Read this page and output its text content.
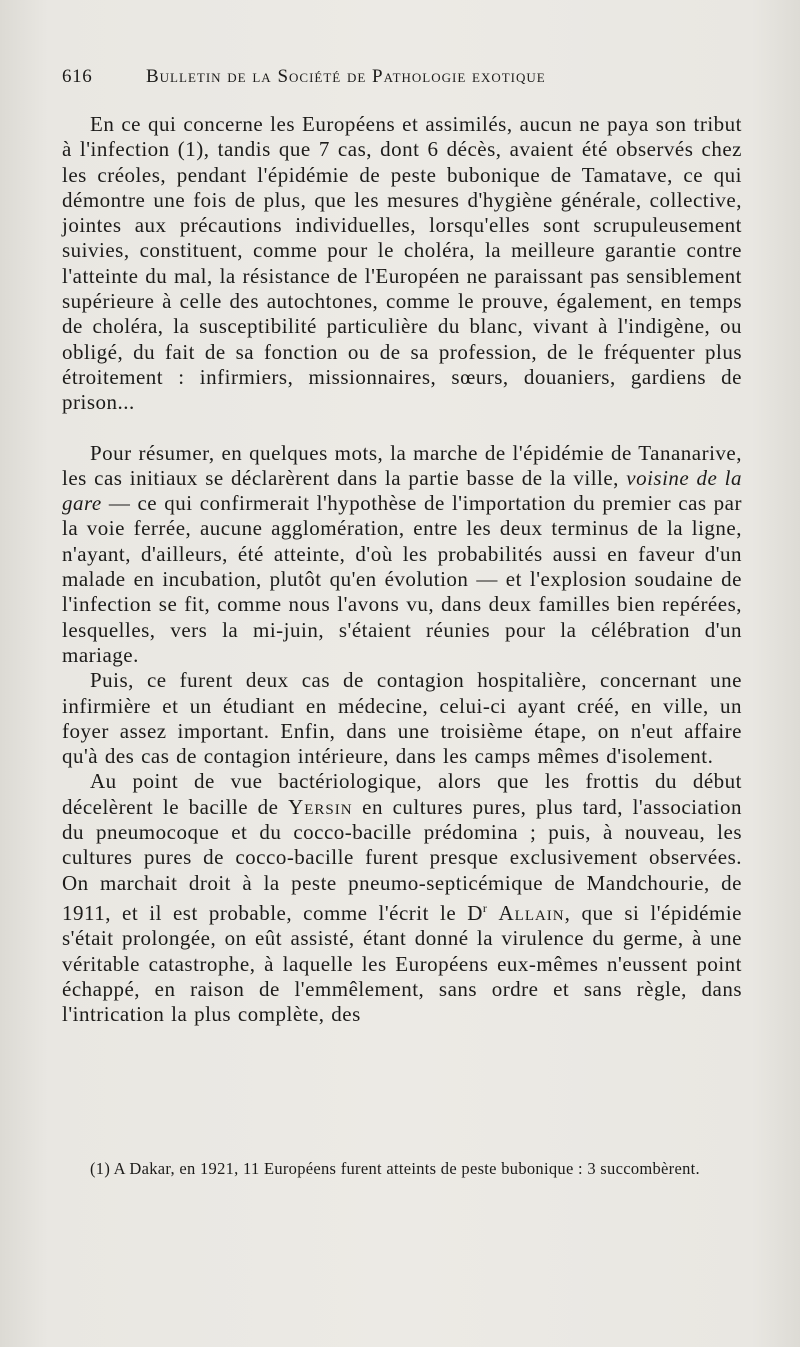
616	Bulletin de la Société de Pathologie exotique

En ce qui concerne les Européens et assimilés, aucun ne paya son tribut à l'infection (1), tandis que 7 cas, dont 6 décès, avaient été observés chez les créoles, pendant l'épidémie de peste bubonique de Tamatave, ce qui démontre une fois de plus, que les mesures d'hygiène générale, collective, jointes aux précautions individuelles, lorsqu'elles sont scrupuleusement suivies, constituent, comme pour le choléra, la meilleure garantie contre l'atteinte du mal, la résistance de l'Européen ne paraissant pas sensiblement supérieure à celle des autochtones, comme le prouve, également, en temps de choléra, la susceptibilité particulière du blanc, vivant à l'indigène, ou obligé, du fait de sa fonction ou de sa profession, de le fréquenter plus étroitement : infirmiers, missionnaires, sœurs, douaniers, gardiens de prison...

Pour résumer, en quelques mots, la marche de l'épidémie de Tananarive, les cas initiaux se déclarèrent dans la partie basse de la ville, voisine de la gare — ce qui confirmerait l'hypothèse de l'importation du premier cas par la voie ferrée, aucune agglomération, entre les deux terminus de la ligne, n'ayant, d'ailleurs, été atteinte, d'où les probabilités aussi en faveur d'un malade en incubation, plutôt qu'en évolution — et l'explosion soudaine de l'infection se fit, comme nous l'avons vu, dans deux familles bien repérées, lesquelles, vers la mi-juin, s'étaient réunies pour la célébration d'un mariage.

Puis, ce furent deux cas de contagion hospitalière, concernant une infirmière et un étudiant en médecine, celui-ci ayant créé, en ville, un foyer assez important. Enfin, dans une troisième étape, on n'eut affaire qu'à des cas de contagion intérieure, dans les camps mêmes d'isolement.

Au point de vue bactériologique, alors que les frottis du début décelèrent le bacille de Yersin en cultures pures, plus tard, l'association du pneumocoque et du cocco-bacille prédomina ; puis, à nouveau, les cultures pures de cocco-bacille furent presque exclusivement observées. On marchait droit à la peste pneumo-septicémique de Mandchourie, de 1911, et il est probable, comme l'écrit le $D^r$ Allain, que si l'épidémie s'était prolongée, on eût assisté, étant donné la virulence du germe, à une véritable catastrophe, à laquelle les Européens eux-mêmes n'eussent point échappé, en raison de l'emmêlement, sans ordre et sans règle, dans l'intrication la plus complète, des

(1) A Dakar, en 1921, 11 Européens furent atteints de peste bubonique : 3 succombèrent.
